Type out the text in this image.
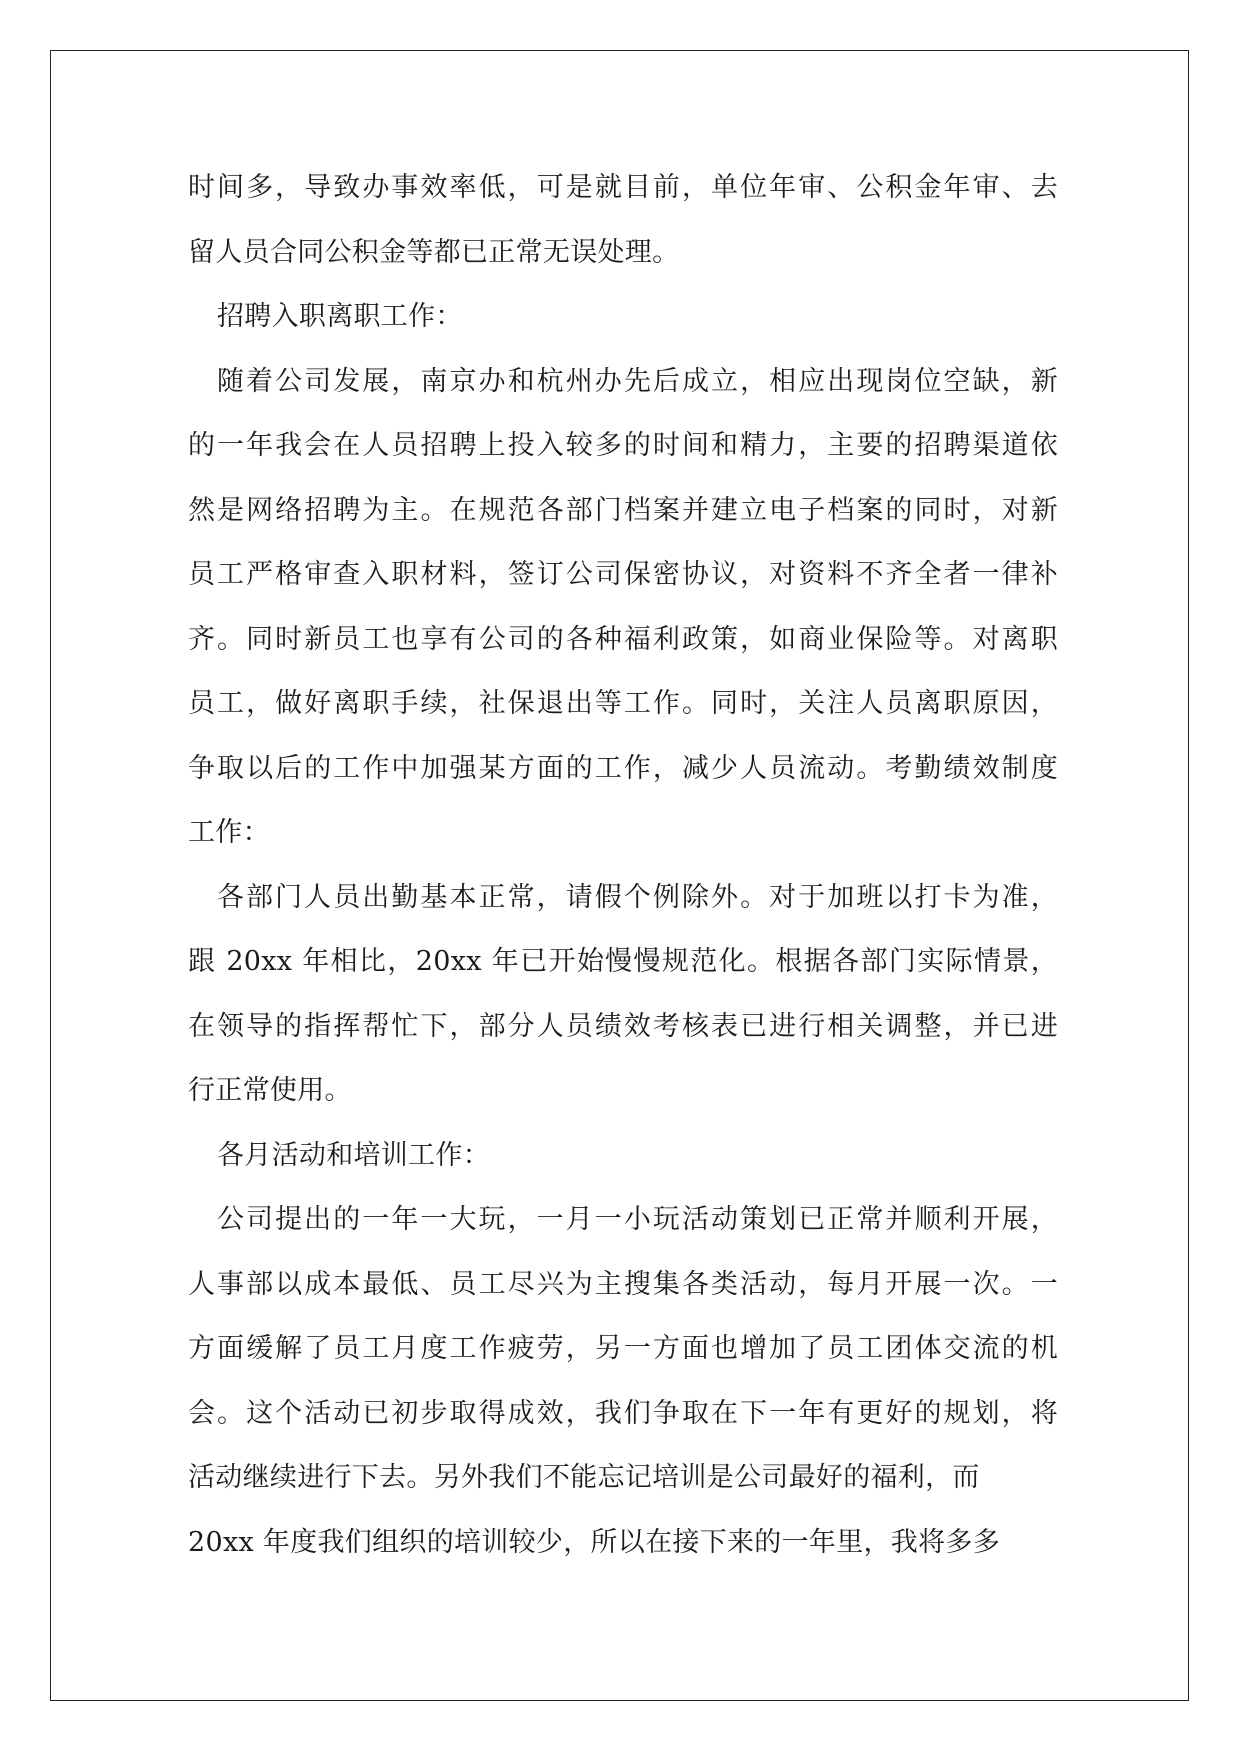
时间多，导致办事效率低，可是就目前，单位年审、公积金年审、去
留人员合同公积金等都已正常无误处理。
招聘入职离职工作：
随着公司发展，南京办和杭州办先后成立，相应出现岗位空缺，新
的一年我会在人员招聘上投入较多的时间和精力，主要的招聘渠道依
然是网络招聘为主。在规范各部门档案并建立电子档案的同时，对新
员工严格审查入职材料，签订公司保密协议，对资料不齐全者一律补
齐。同时新员工也享有公司的各种福利政策，如商业保险等。对离职
员工，做好离职手续，社保退出等工作。同时，关注人员离职原因，
争取以后的工作中加强某方面的工作，减少人员流动。考勤绩效制度
工作：
各部门人员出勤基本正常，请假个例除外。对于加班以打卡为准，
跟 20xx 年相比，20xx 年已开始慢慢规范化。根据各部门实际情景，
在领导的指挥帮忙下，部分人员绩效考核表已进行相关调整，并已进
行正常使用。
各月活动和培训工作：
公司提出的一年一大玩，一月一小玩活动策划已正常并顺利开展，
人事部以成本最低、员工尽兴为主搜集各类活动，每月开展一次。一
方面缓解了员工月度工作疲劳，另一方面也增加了员工团体交流的机
会。这个活动已初步取得成效，我们争取在下一年有更好的规划，将
活动继续进行下去。另外我们不能忘记培训是公司最好的福利，而
20xx 年度我们组织的培训较少，所以在接下来的一年里，我将多多
